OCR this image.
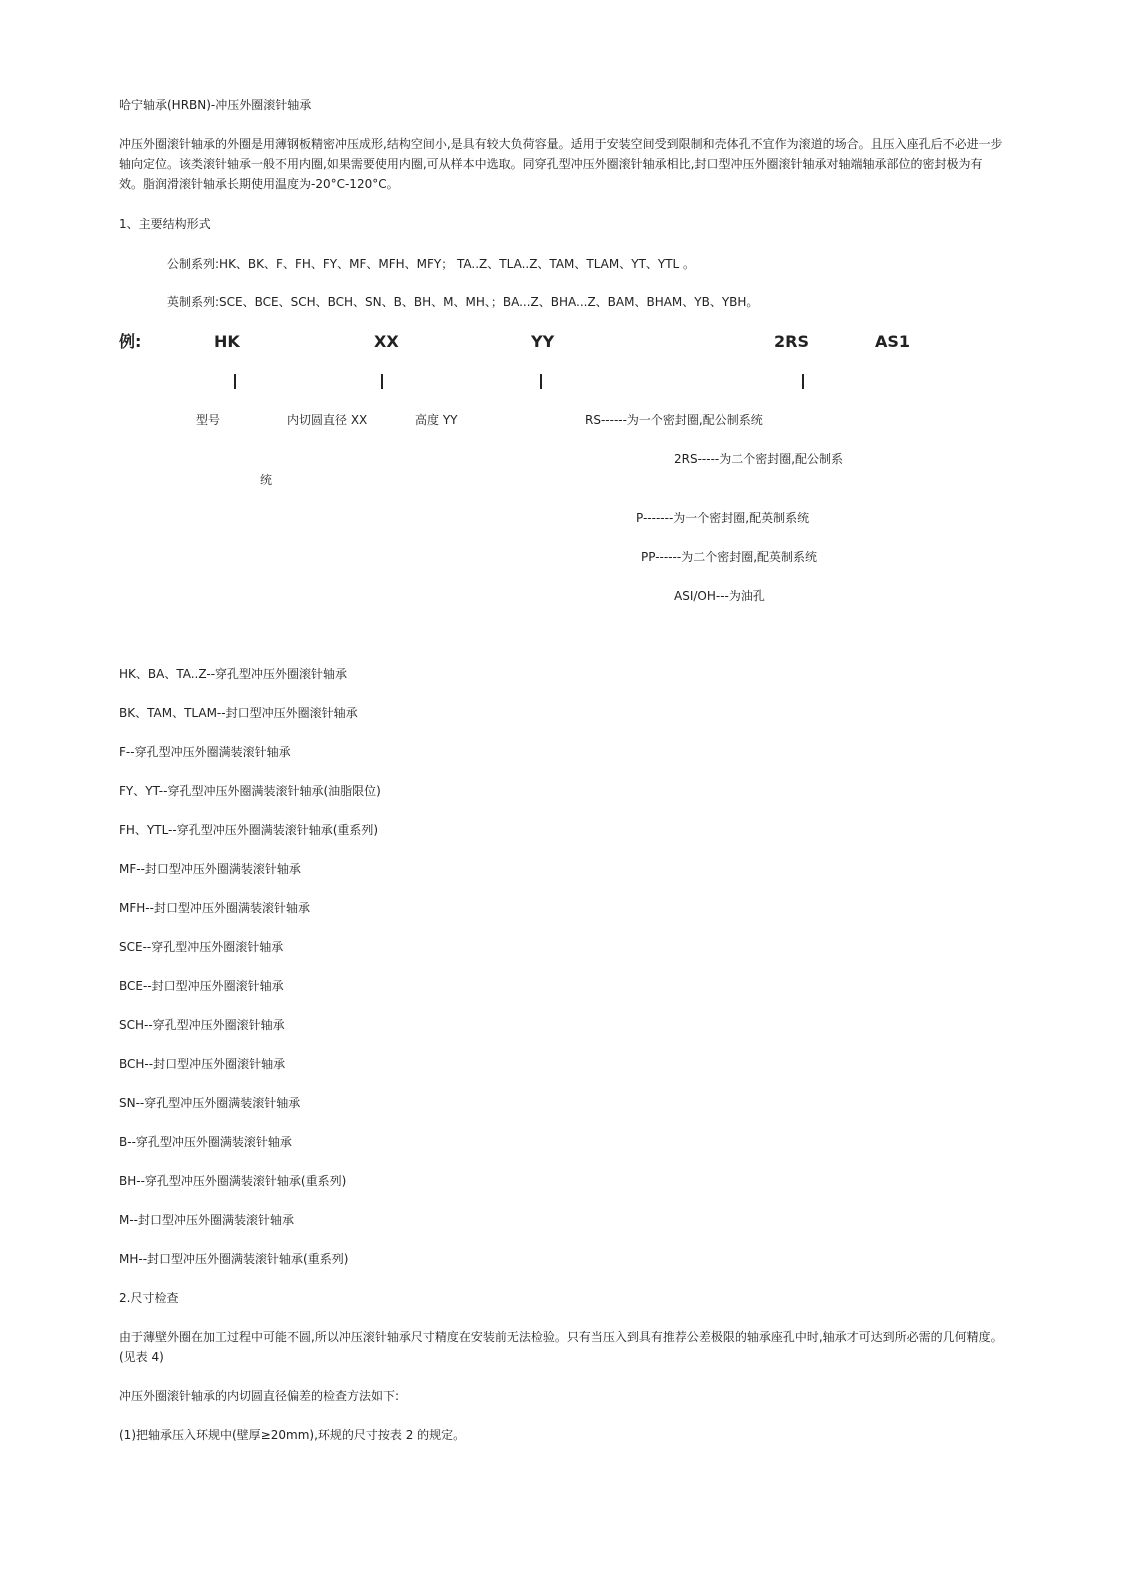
哈宁轴承(HRBN)-冲压外圈滚针轴承
冲压外圈滚针轴承的外圈是用薄钢板精密冲压成形,结构空间小,是具有较大负荷容量。适用于安装空间受到限制和壳体孔不宜作为滚道的场合。且压入座孔后不必进一步轴向定位。该类滚针轴承一般不用内圈,如果需要使用内圈,可从样本中选取。同穿孔型冲压外圈滚针轴承相比,封口型冲压外圈滚针轴承对轴端轴承部位的密封极为有效。脂润滑滚针轴承长期使用温度为-20°C-120°C。
1、主要结构形式
公制系列:HK、BK、F、FH、FY、MF、MFH、MFY； TA..Z、TLA..Z、TAM、TLAM、YT、YTL 。
英制系列:SCE、BCE、SCH、BCH、SN、B、BH、M、MH、；BA...Z、BHA...Z、BAM、BHAM、YB、YBH。
例:	HK	XX	YY	2RS	AS1
型号	内切圆直径 XX	高度 YY	RS------为一个密封圈,配公制系统
2RS-----为二个密封圈,配公制系
统
P-------为一个密封圈,配英制系统
PP------为二个密封圈,配英制系统
ASI/OH---为油孔
HK、BA、TA..Z--穿孔型冲压外圈滚针轴承
BK、TAM、TLAM--封口型冲压外圈滚针轴承
F--穿孔型冲压外圈满装滚针轴承
FY、YT--穿孔型冲压外圈满装滚针轴承(油脂限位)
FH、YTL--穿孔型冲压外圈满装滚针轴承(重系列)
MF--封口型冲压外圈满装滚针轴承
MFH--封口型冲压外圈满装滚针轴承
SCE--穿孔型冲压外圈滚针轴承
BCE--封口型冲压外圈滚针轴承
SCH--穿孔型冲压外圈滚针轴承
BCH--封口型冲压外圈滚针轴承
SN--穿孔型冲压外圈满装滚针轴承
B--穿孔型冲压外圈满装滚针轴承
BH--穿孔型冲压外圈满装滚针轴承(重系列)
M--封口型冲压外圈满装滚针轴承
MH--封口型冲压外圈满装滚针轴承(重系列)
2.尺寸检查
由于薄壁外圈在加工过程中可能不圆,所以冲压滚针轴承尺寸精度在安装前无法检验。只有当压入到具有推荐公差极限的轴承座孔中时,轴承才可达到所必需的几何精度。(见表 4)
冲压外圈滚针轴承的内切圆直径偏差的检查方法如下:
(1)把轴承压入环规中(壁厚≥20mm),环规的尺寸按表 2 的规定。
